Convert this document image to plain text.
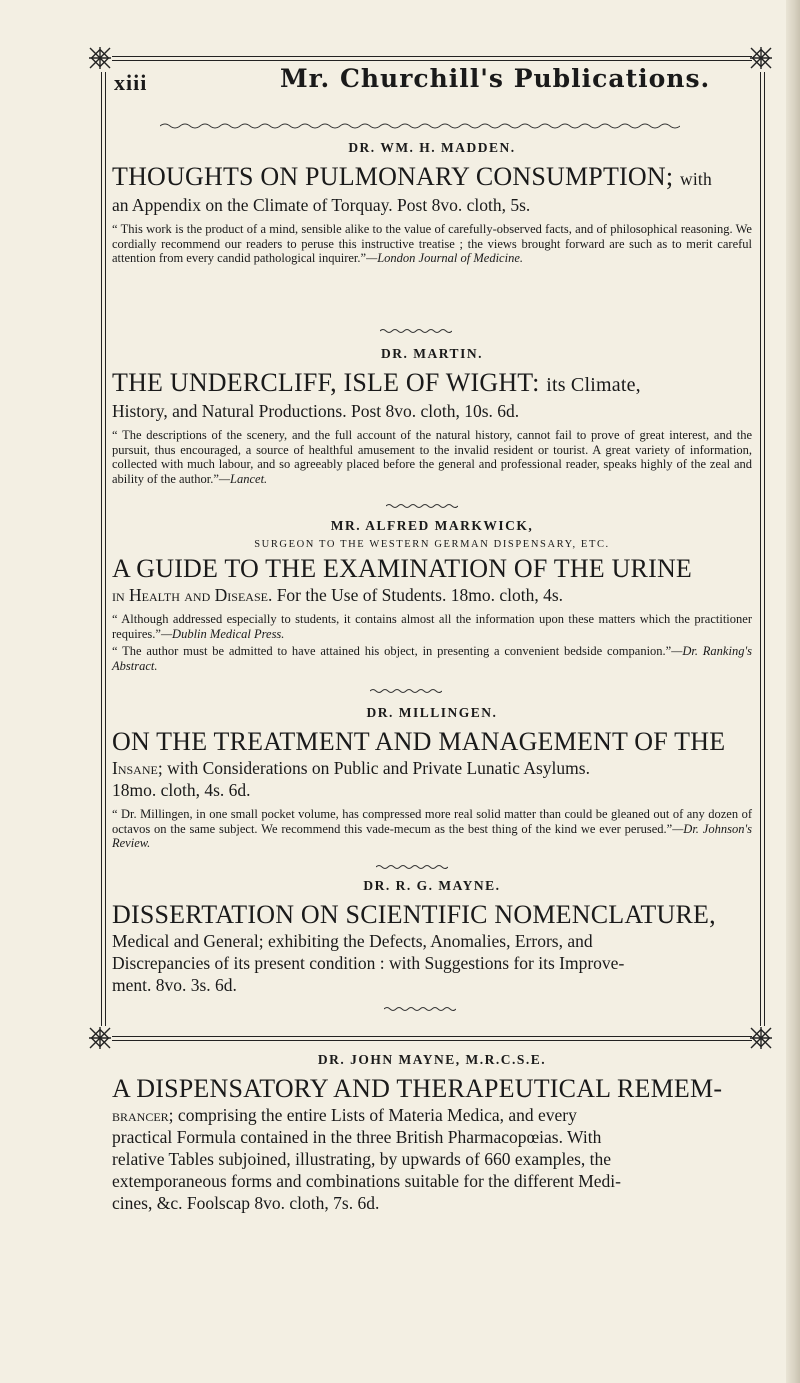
xiii	Mr. Churchill's Publications.
DR. WM. H. MADDEN.
THOUGHTS ON PULMONARY CONSUMPTION; with
an Appendix on the Climate of Torquay. Post 8vo. cloth, 5s.
“ This work is the product of a mind, sensible alike to the value of carefully-observed facts, and of philosophical reasoning. We cordially recommend our readers to peruse this instructive treatise ; the views brought forward are such as to merit careful attention from every candid pathological inquirer.”—London Journal of Medicine.
DR. MARTIN.
THE UNDERCLIFF, ISLE OF WIGHT: its Climate,
History, and Natural Productions. Post 8vo. cloth, 10s. 6d.
“ The descriptions of the scenery, and the full account of the natural history, cannot fail to prove of great interest, and the pursuit, thus encouraged, a source of healthful amusement to the invalid resident or tourist. A great variety of information, collected with much labour, and so agreeably placed before the general and professional reader, speaks highly of the zeal and ability of the author.”—Lancet.
MR. ALFRED MARKWICK,
SURGEON TO THE WESTERN GERMAN DISPENSARY, ETC.
A GUIDE TO THE EXAMINATION OF THE URINE
in Health and Disease. For the Use of Students. 18mo. cloth, 4s.
“ Although addressed especially to students, it contains almost all the information upon these matters which the practitioner requires.”—Dublin Medical Press.
“ The author must be admitted to have attained his object, in presenting a convenient bedside companion.”—Dr. Ranking's Abstract.
DR. MILLINGEN.
ON THE TREATMENT AND MANAGEMENT OF THE
Insane; with Considerations on Public and Private Lunatic Asylums.
18mo. cloth, 4s. 6d.
“ Dr. Millingen, in one small pocket volume, has compressed more real solid matter than could be gleaned out of any dozen of octavos on the same subject. We recommend this vade-mecum as the best thing of the kind we ever perused.”—Dr. Johnson's Review.
DR. R. G. MAYNE.
DISSERTATION ON SCIENTIFIC NOMENCLATURE,
Medical and General; exhibiting the Defects, Anomalies, Errors, and
Discrepancies of its present condition : with Suggestions for its Improve-
ment. 8vo. 3s. 6d.
DR. JOHN MAYNE, M.R.C.S.E.
A DISPENSATORY AND THERAPEUTICAL REMEM-
brancer; comprising the entire Lists of Materia Medica, and every
practical Formula contained in the three British Pharmacopœias. With
relative Tables subjoined, illustrating, by upwards of 660 examples, the
extemporaneous forms and combinations suitable for the different Medi-
cines, &c. Foolscap 8vo. cloth, 7s. 6d.
